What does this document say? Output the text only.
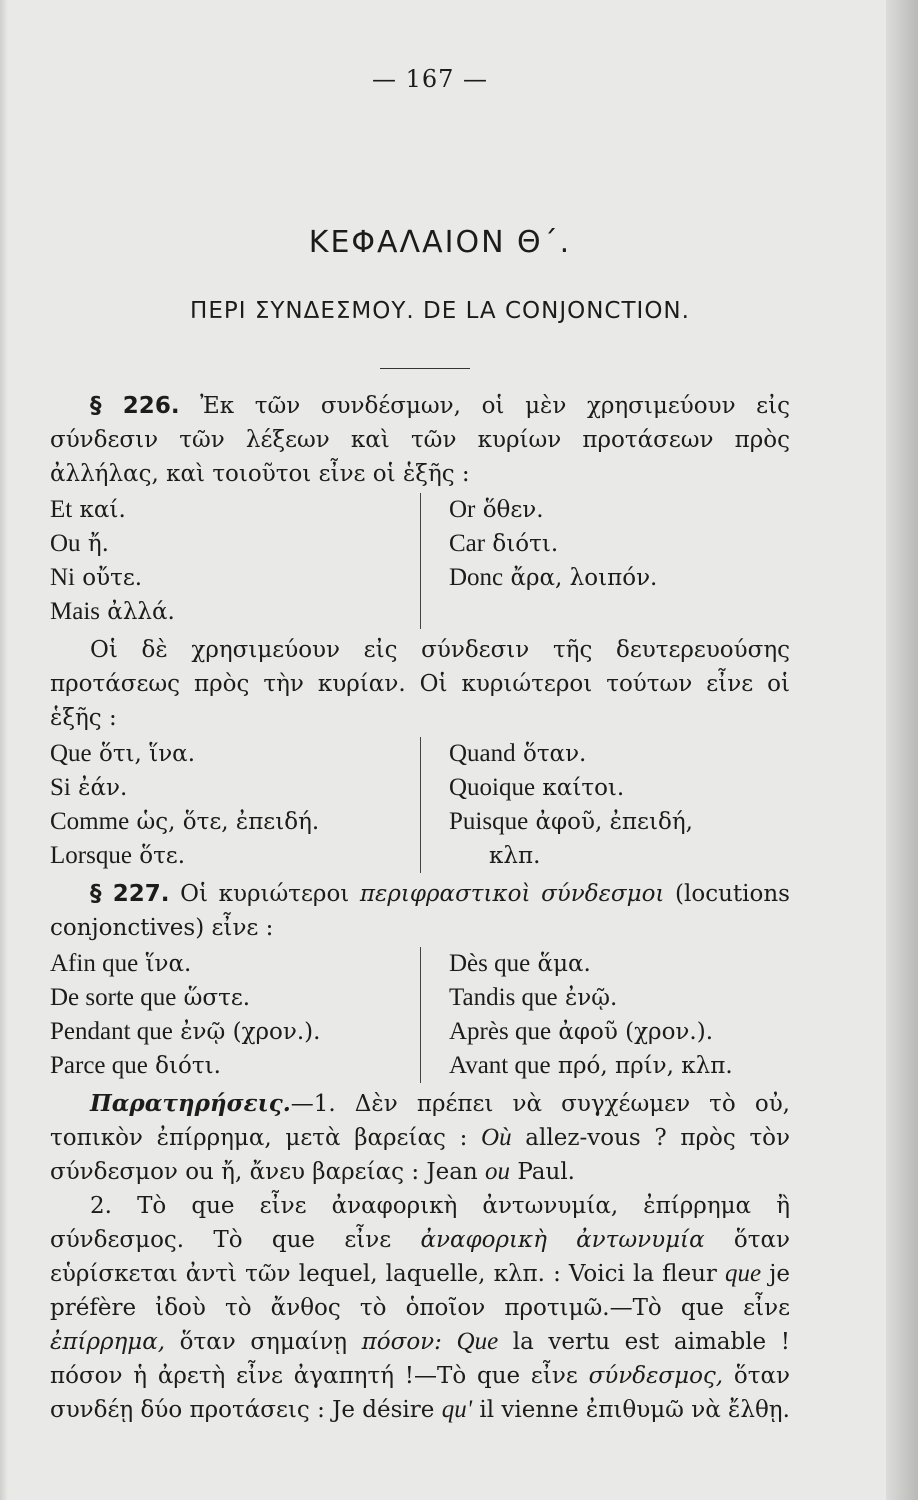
— 167 —
ΚΕΦΑΛΑΙΟΝ Θ΄.
ΠΕΡΙ ΣΥΝΔΕΣΜΟΥ. DE LA CONJONCTION.

§ 226. Ἐκ τῶν συνδέσμων, οἱ μὲν χρησιμεύουν εἰς σύνδεσιν τῶν λέξεων καὶ τῶν κυρίων προτάσεων πρὸς ἀλλήλας, καὶ τοιοῦτοι εἶνε οἱ ἑξῆς :

Et καί.
Ou ἤ.
Ni οὔτε.
Mais ἀλλά.
Or ὅθεν.
Car διότι.
Donc ἄρα, λοιπόν.

Οἱ δὲ χρησιμεύουν εἰς σύνδεσιν τῆς δευτερευούσης προτάσεως πρὸς τὴν κυρίαν. Οἱ κυριώτεροι τούτων εἶνε οἱ ἑξῆς :

Que ὅτι, ἵνα.
Si ἐάν.
Comme ὡς, ὅτε, ἐπειδή.
Lorsque ὅτε.
Quand ὅταν.
Quoique καίτοι.
Puisque ἀφοῦ, ἐπειδή,
κλπ.

§ 227. Οἱ κυριώτεροι περιφραστικοὶ σύνδεσμοι (locutions conjonctives) εἶνε :

Afin que ἵνα.
De sorte que ὥστε.
Pendant que ἐνῷ (χρον.).
Parce que διότι.
Dès que ἅμα.
Tandis que ἐνῷ.
Après que ἀφοῦ (χρον.).
Avant que πρό, πρίν, κλπ.

Παρατηρήσεις.—1. Δὲν πρέπει νὰ συγχέωμεν τὸ οὐ, τοπικὸν ἐπίρρημα, μετὰ βαρείας : Où allez-vous ? πρὸς τὸν σύνδεσμον ou ἤ, ἄνευ βαρείας : Jean ou Paul.

2. Τὸ que εἶνε ἀναφορικὴ ἀντωνυμία, ἐπίρρημα ἢ σύνδεσμος. Τὸ que εἶνε ἀναφορικὴ ἀντωνυμία ὅταν εὑρίσκεται ἀντὶ τῶν lequel, laquelle, κλπ. : Voici la fleur que je préfère ἰδοὺ τὸ ἄνθος τὸ ὁποῖον προτιμῶ.—Τὸ que εἶνε ἐπίρρημα, ὅταν σημαίνῃ πόσον: Que la vertu est aimable ! πόσον ἡ ἀρετὴ εἶνε ἀγαπητή !—Τὸ que εἶνε σύνδεσμος, ὅταν συνδέῃ δύο προτάσεις : Je désire qu' il vienne ἐπιθυμῶ νὰ ἔλθῃ.
